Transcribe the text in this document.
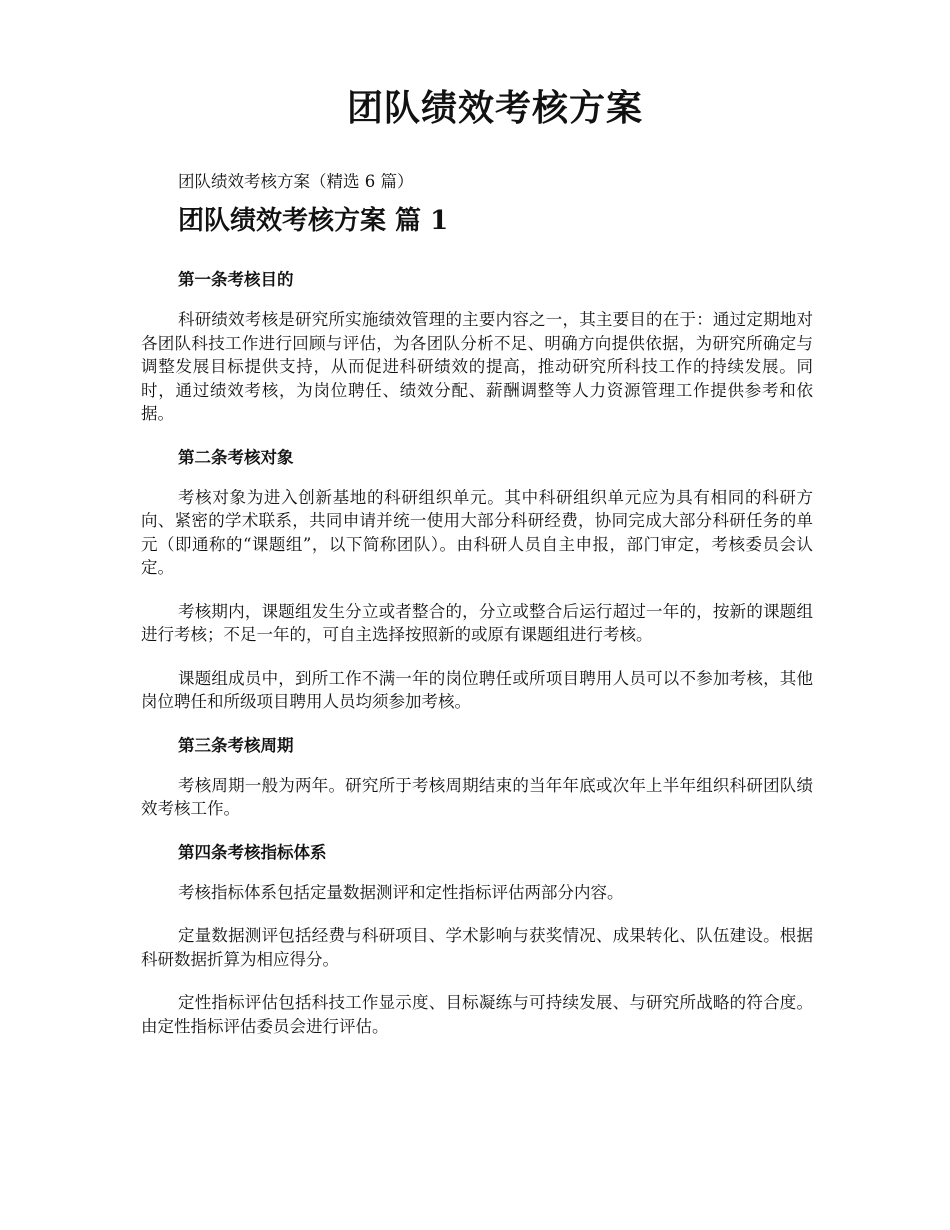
团队绩效考核方案

团队绩效考核方案（精选 6 篇）

团队绩效考核方案 篇 1
第一条考核目的

科研绩效考核是研究所实施绩效管理的主要内容之一，其主要目的在于：通过定期地对各团队科技工作进行回顾与评估，为各团队分析不足、明确方向提供依据，为研究所确定与调整发展目标提供支持，从而促进科研绩效的提高，推动研究所科技工作的持续发展。同时，通过绩效考核，为岗位聘任、绩效分配、薪酬调整等人力资源管理工作提供参考和依据。

第二条考核对象

考核对象为进入创新基地的科研组织单元。其中科研组织单元应为具有相同的科研方向、紧密的学术联系，共同申请并统一使用大部分科研经费，协同完成大部分科研任务的单元（即通称的“课题组”，以下简称团队）。由科研人员自主申报，部门审定，考核委员会认定。

考核期内，课题组发生分立或者整合的，分立或整合后运行超过一年的，按新的课题组进行考核；不足一年的，可自主选择按照新的或原有课题组进行考核。

课题组成员中，到所工作不满一年的岗位聘任或所项目聘用人员可以不参加考核，其他岗位聘任和所级项目聘用人员均须参加考核。

第三条考核周期

考核周期一般为两年。研究所于考核周期结束的当年年底或次年上半年组织科研团队绩效考核工作。

第四条考核指标体系

考核指标体系包括定量数据测评和定性指标评估两部分内容。

定量数据测评包括经费与科研项目、学术影响与获奖情况、成果转化、队伍建设。根据科研数据折算为相应得分。

定性指标评估包括科技工作显示度、目标凝练与可持续发展、与研究所战略的符合度。由定性指标评估委员会进行评估。
